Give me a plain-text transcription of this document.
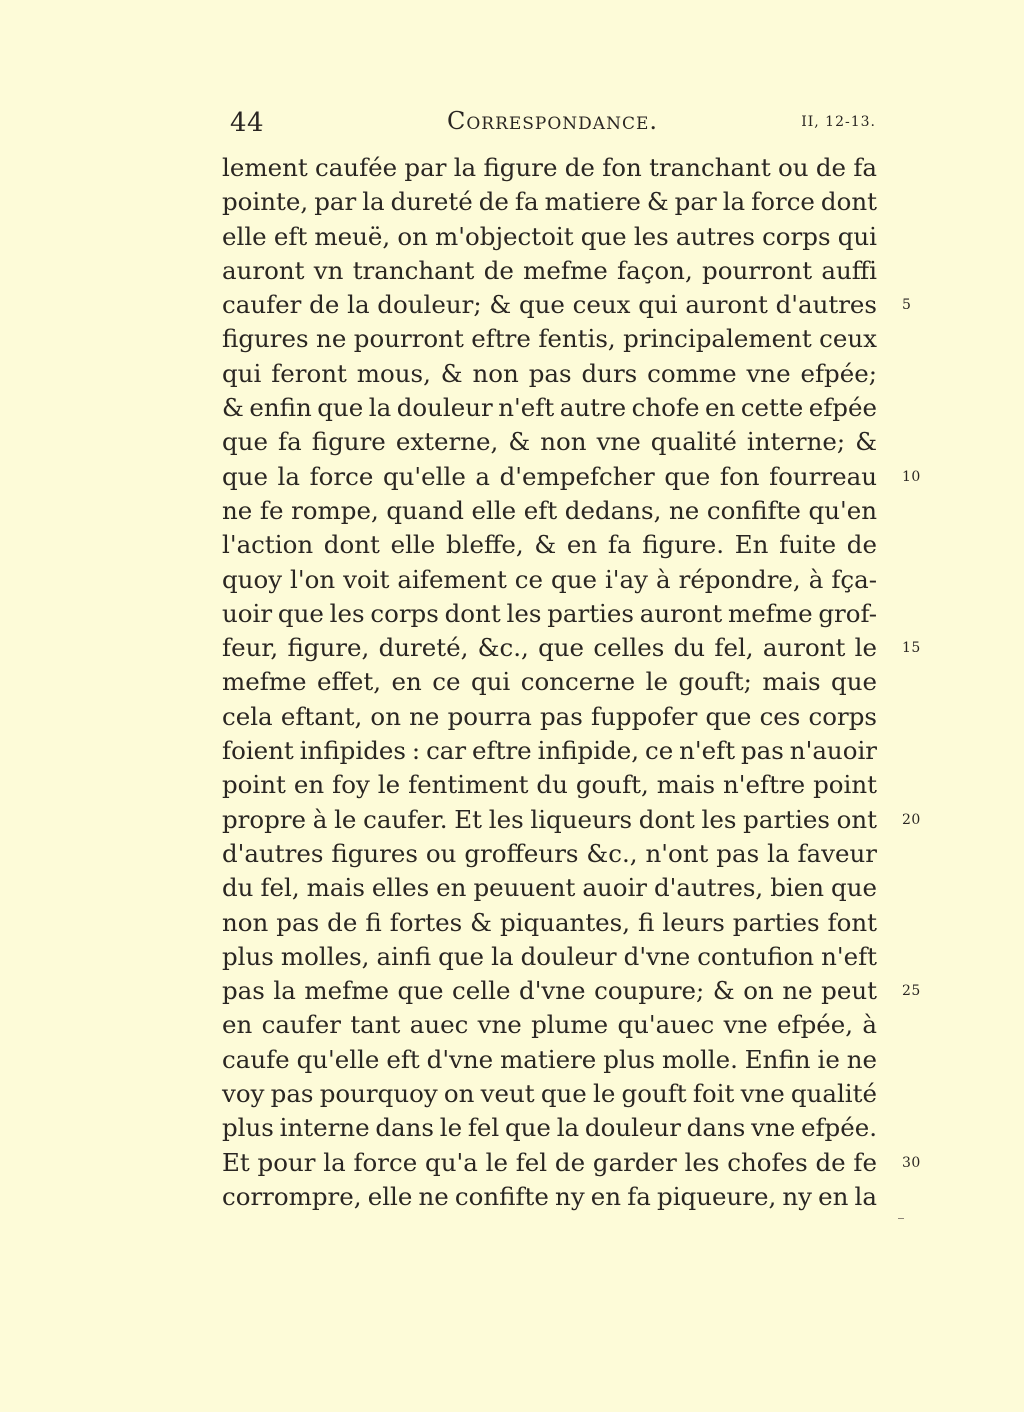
44	Correspondance.	II, 12-13.
lement caufée par la figure de fon tranchant ou de fa
pointe, par la dureté de fa matiere & par la force dont
elle eft meuë, on m'objectoit que les autres corps qui
auront vn tranchant de mefme façon, pourront auffi
caufer de la douleur; & que ceux qui auront d'autres 5
figures ne pourront eftre fentis, principalement ceux
qui feront mous, & non pas durs comme vne efpée;
& enfin que la douleur n'eft autre chofe en cette efpée
que fa figure externe, & non vne qualité interne; &
que la force qu'elle a d'empefcher que fon fourreau 10
ne fe rompe, quand elle eft dedans, ne confifte qu'en
l'action dont elle bleffe, & en fa figure. En fuite de
quoy l'on voit aifement ce que i'ay à répondre, à fça-
uoir que les corps dont les parties auront mefme grof-
feur, figure, dureté, &c., que celles du fel, auront le 15
mefme effet, en ce qui concerne le gouft; mais que
cela eftant, on ne pourra pas fuppofer que ces corps
foient infipides : car eftre infipide, ce n'eft pas n'auoir
point en foy le fentiment du gouft, mais n'eftre point
propre à le caufer. Et les liqueurs dont les parties ont 20
d'autres figures ou groffeurs &c., n'ont pas la faveur
du fel, mais elles en peuuent auoir d'autres, bien que
non pas de fi fortes & piquantes, fi leurs parties font
plus molles, ainfi que la douleur d'vne contufion n'eft
pas la mefme que celle d'vne coupure; & on ne peut 25
en caufer tant auec vne plume qu'auec vne efpée, à
caufe qu'elle eft d'vne matiere plus molle. Enfin ie ne
voy pas pourquoy on veut que le gouft foit vne qualité
plus interne dans le fel que la douleur dans vne efpée.
Et pour la force qu'a le fel de garder les chofes de fe 30
corrompre, elle ne confifte ny en fa piqueure, ny en la
